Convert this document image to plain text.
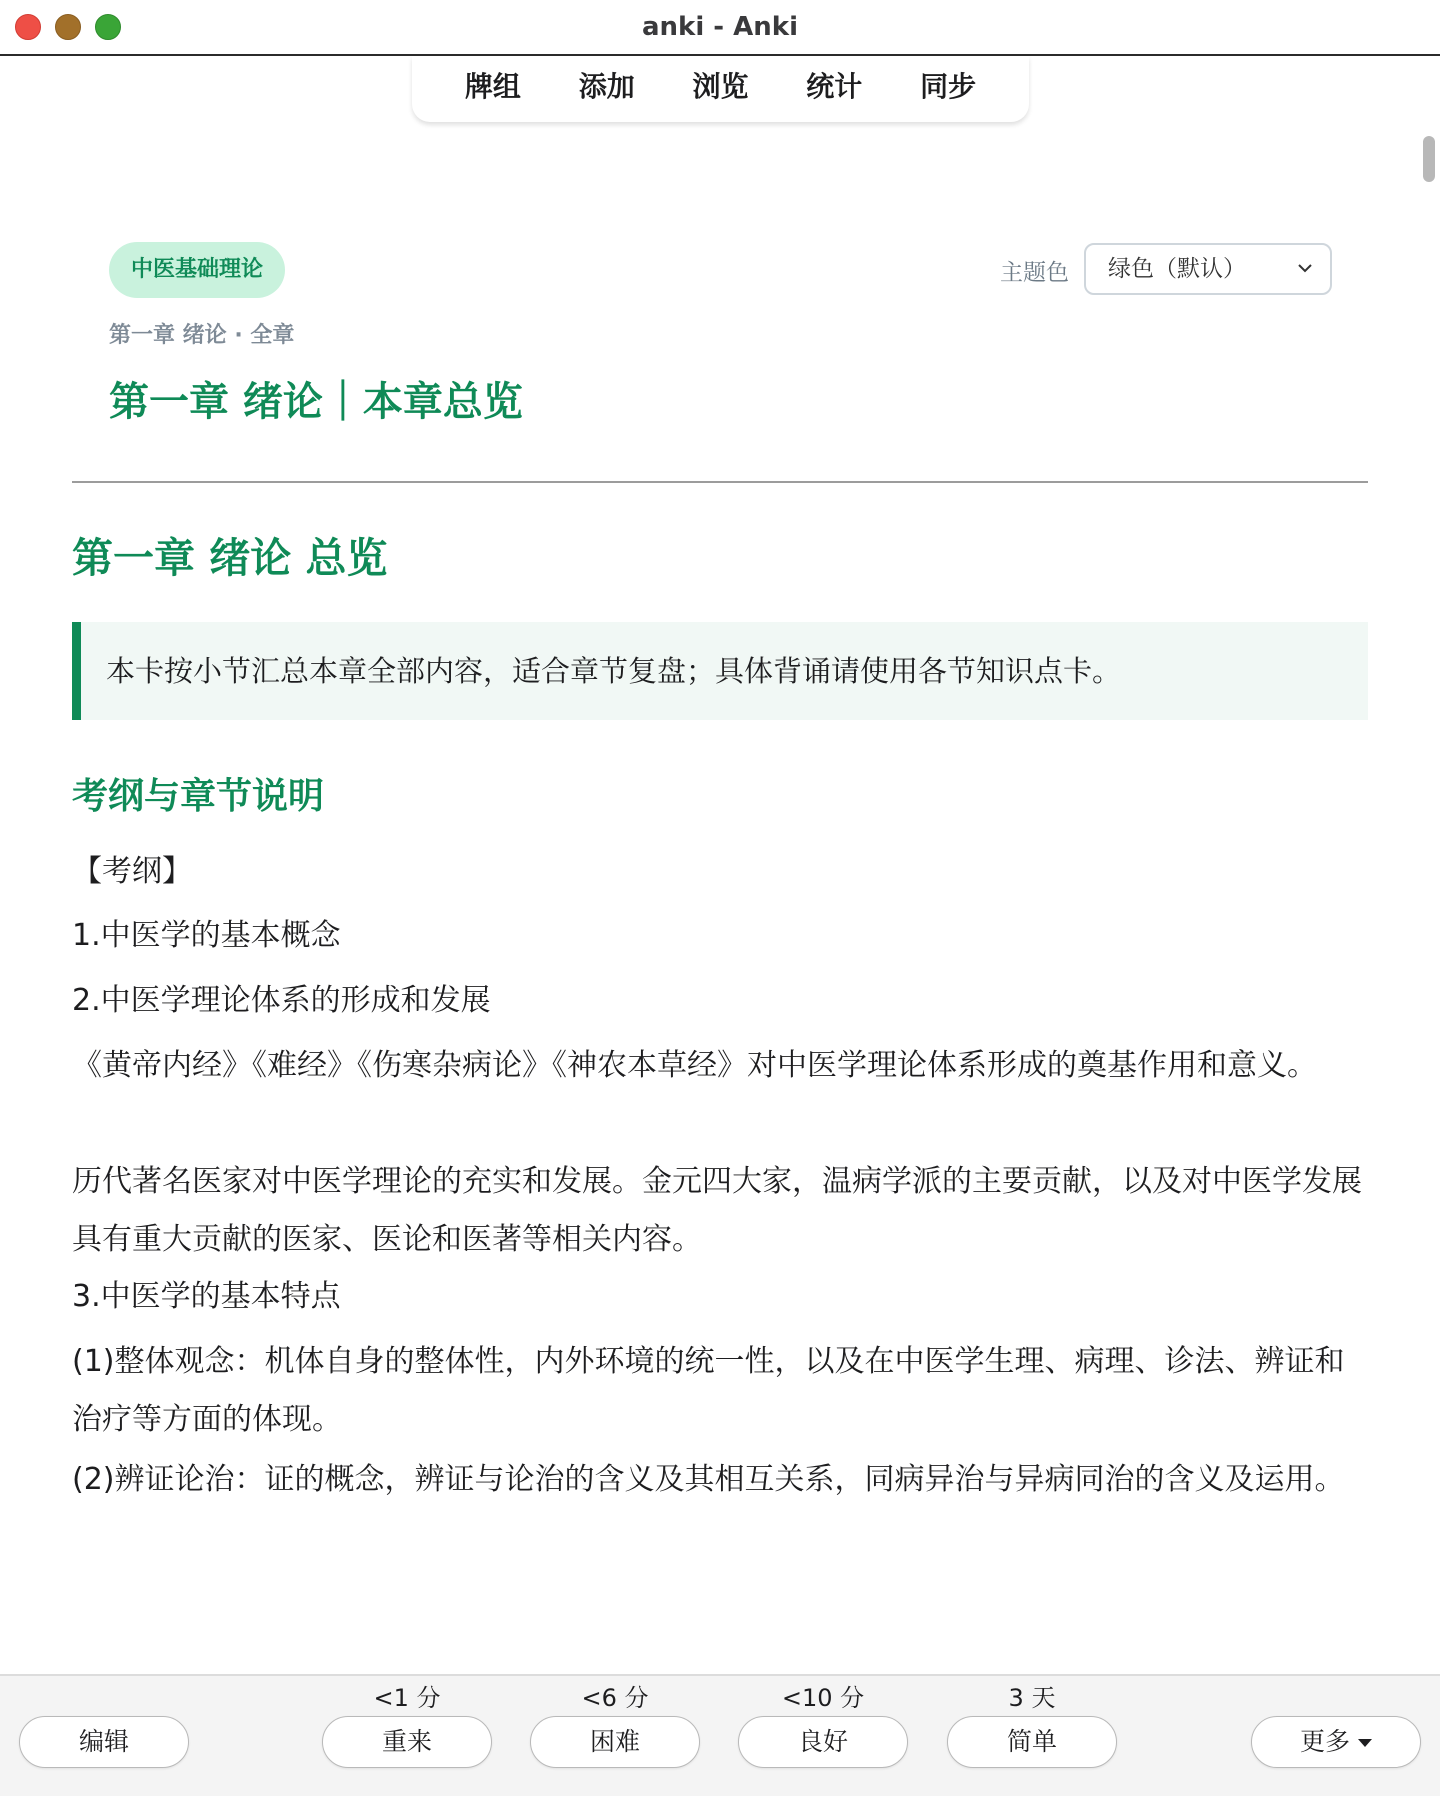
anki - Anki
牌组	添加	浏览	统计	同步
中医基础理论	主题色	绿色（默认）
第一章 绪论 · 全章
第一章 绪论｜本章总览
第一章 绪论 总览
本卡按小节汇总本章全部内容，适合章节复盘；具体背诵请使用各节知识点卡。
考纲与章节说明
【考纲】
1.中医学的基本概念
2.中医学理论体系的形成和发展
《黄帝内经》《难经》《伤寒杂病论》《神农本草经》对中医学理论体系形成的奠基作用和意义。
历代著名医家对中医学理论的充实和发展。金元四大家，温病学派的主要贡献，以及对中医学发展具有重大贡献的医家、医论和医著等相关内容。
3.中医学的基本特点
(1)整体观念：机体自身的整体性，内外环境的统一性，以及在中医学生理、病理、诊法、辨证和治疗等方面的体现。
(2)辨证论治：证的概念，辨证与论治的含义及其相互关系，同病异治与异病同治的含义及运用。
编辑
<1 分
重来
<6 分
困难
<10 分
良好
3 天
简单	更多
